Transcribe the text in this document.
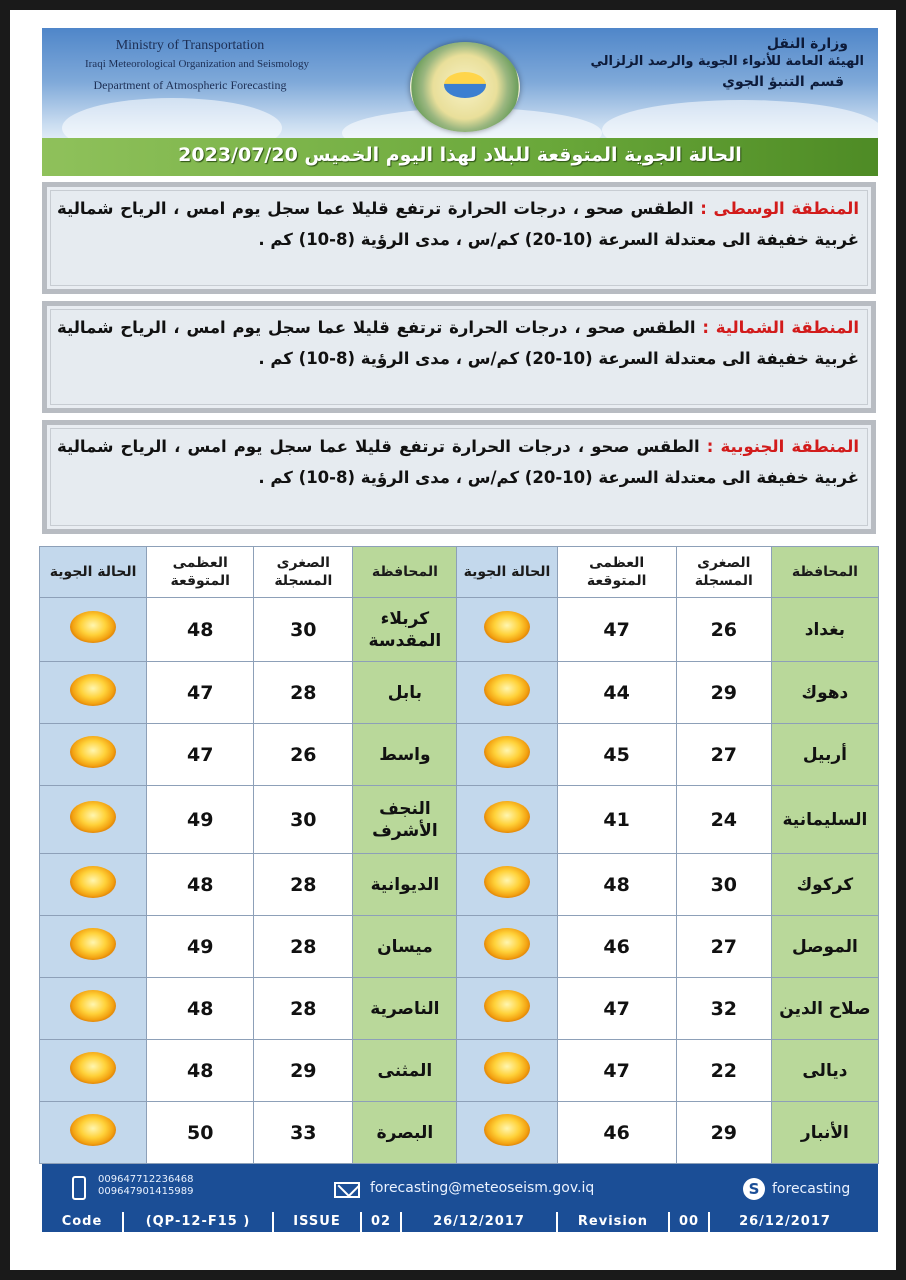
Ministry of Transportation
Iraqi Meteorological Organization and Seismology
Department of Atmospheric Forecasting
وزارة النقل
الهيئة العامة للأنواء الجوية والرصد الزلزالي
قسم التنبؤ الجوي
الحالة الجوية المتوقعة للبلاد لهذا اليوم الخميس 2023/07/20

المنطقة الوسطى : الطقس صحو ، درجات الحرارة ترتفع قليلا عما سجل يوم امس ، الرياح شمالية غربية خفيفة الى معتدلة السرعة (10-20) كم/س ، مدى الرؤية (8-10) كم .

المنطقة الشمالية : الطقس صحو ، درجات الحرارة ترتفع قليلا عما سجل يوم امس ، الرياح شمالية غربية خفيفة الى معتدلة السرعة (10-20) كم/س ، مدى الرؤية (8-10) كم .

المنطقة الجنوبية : الطقس صحو ، درجات الحرارة ترتفع قليلا عما سجل يوم امس ، الرياح شمالية غربية خفيفة الى معتدلة السرعة (10-20) كم/س ، مدى الرؤية (8-10) كم .

الحالة الجوية	العظمى المتوقعة	الصغرى المسجلة	المحافظة	الحالة الجوية	العظمى المتوقعة	الصغرى المسجلة	المحافظة
	48	30	كربلاء المقدسة		47	26	بغداد
	47	28	بابل		44	29	دهوك
	47	26	واسط		45	27	أربيل
	49	30	النجف الأشرف		41	24	السليمانية
	48	28	الديوانية		48	30	كركوك
	49	28	ميسان		46	27	الموصل
	48	28	الناصرية		47	32	صلاح الدين
	48	29	المثنى		47	22	ديالى
	50	33	البصرة		46	29	الأنبار
009647712236468
009647901415989	forecasting@meteoseism.gov.iq	S forecasting
Code	(QP-12-F15 )	ISSUE	02	26/12/2017	Revision	00	26/12/2017
